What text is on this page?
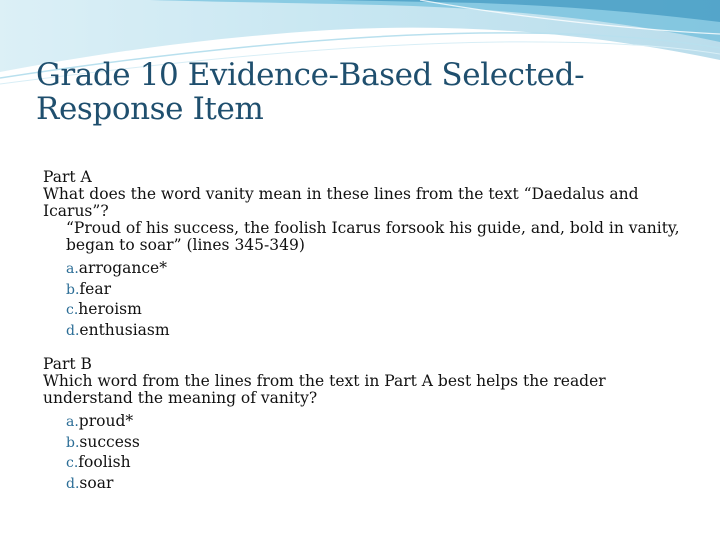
Grade 10 Evidence-Based Selected-
Response Item
Part A
What does the word vanity mean in these lines from the text “Daedalus and Icarus”?
“Proud of his success, the foolish Icarus forsook his guide, and, bold in vanity, began to soar” (lines 345-349)
a.arrogance*
b.fear
c.heroism
d.enthusiasm
Part B
Which word from the lines from the text in Part A best helps the reader understand the meaning of vanity?
a.proud*
b.success
c.foolish
d.soar
